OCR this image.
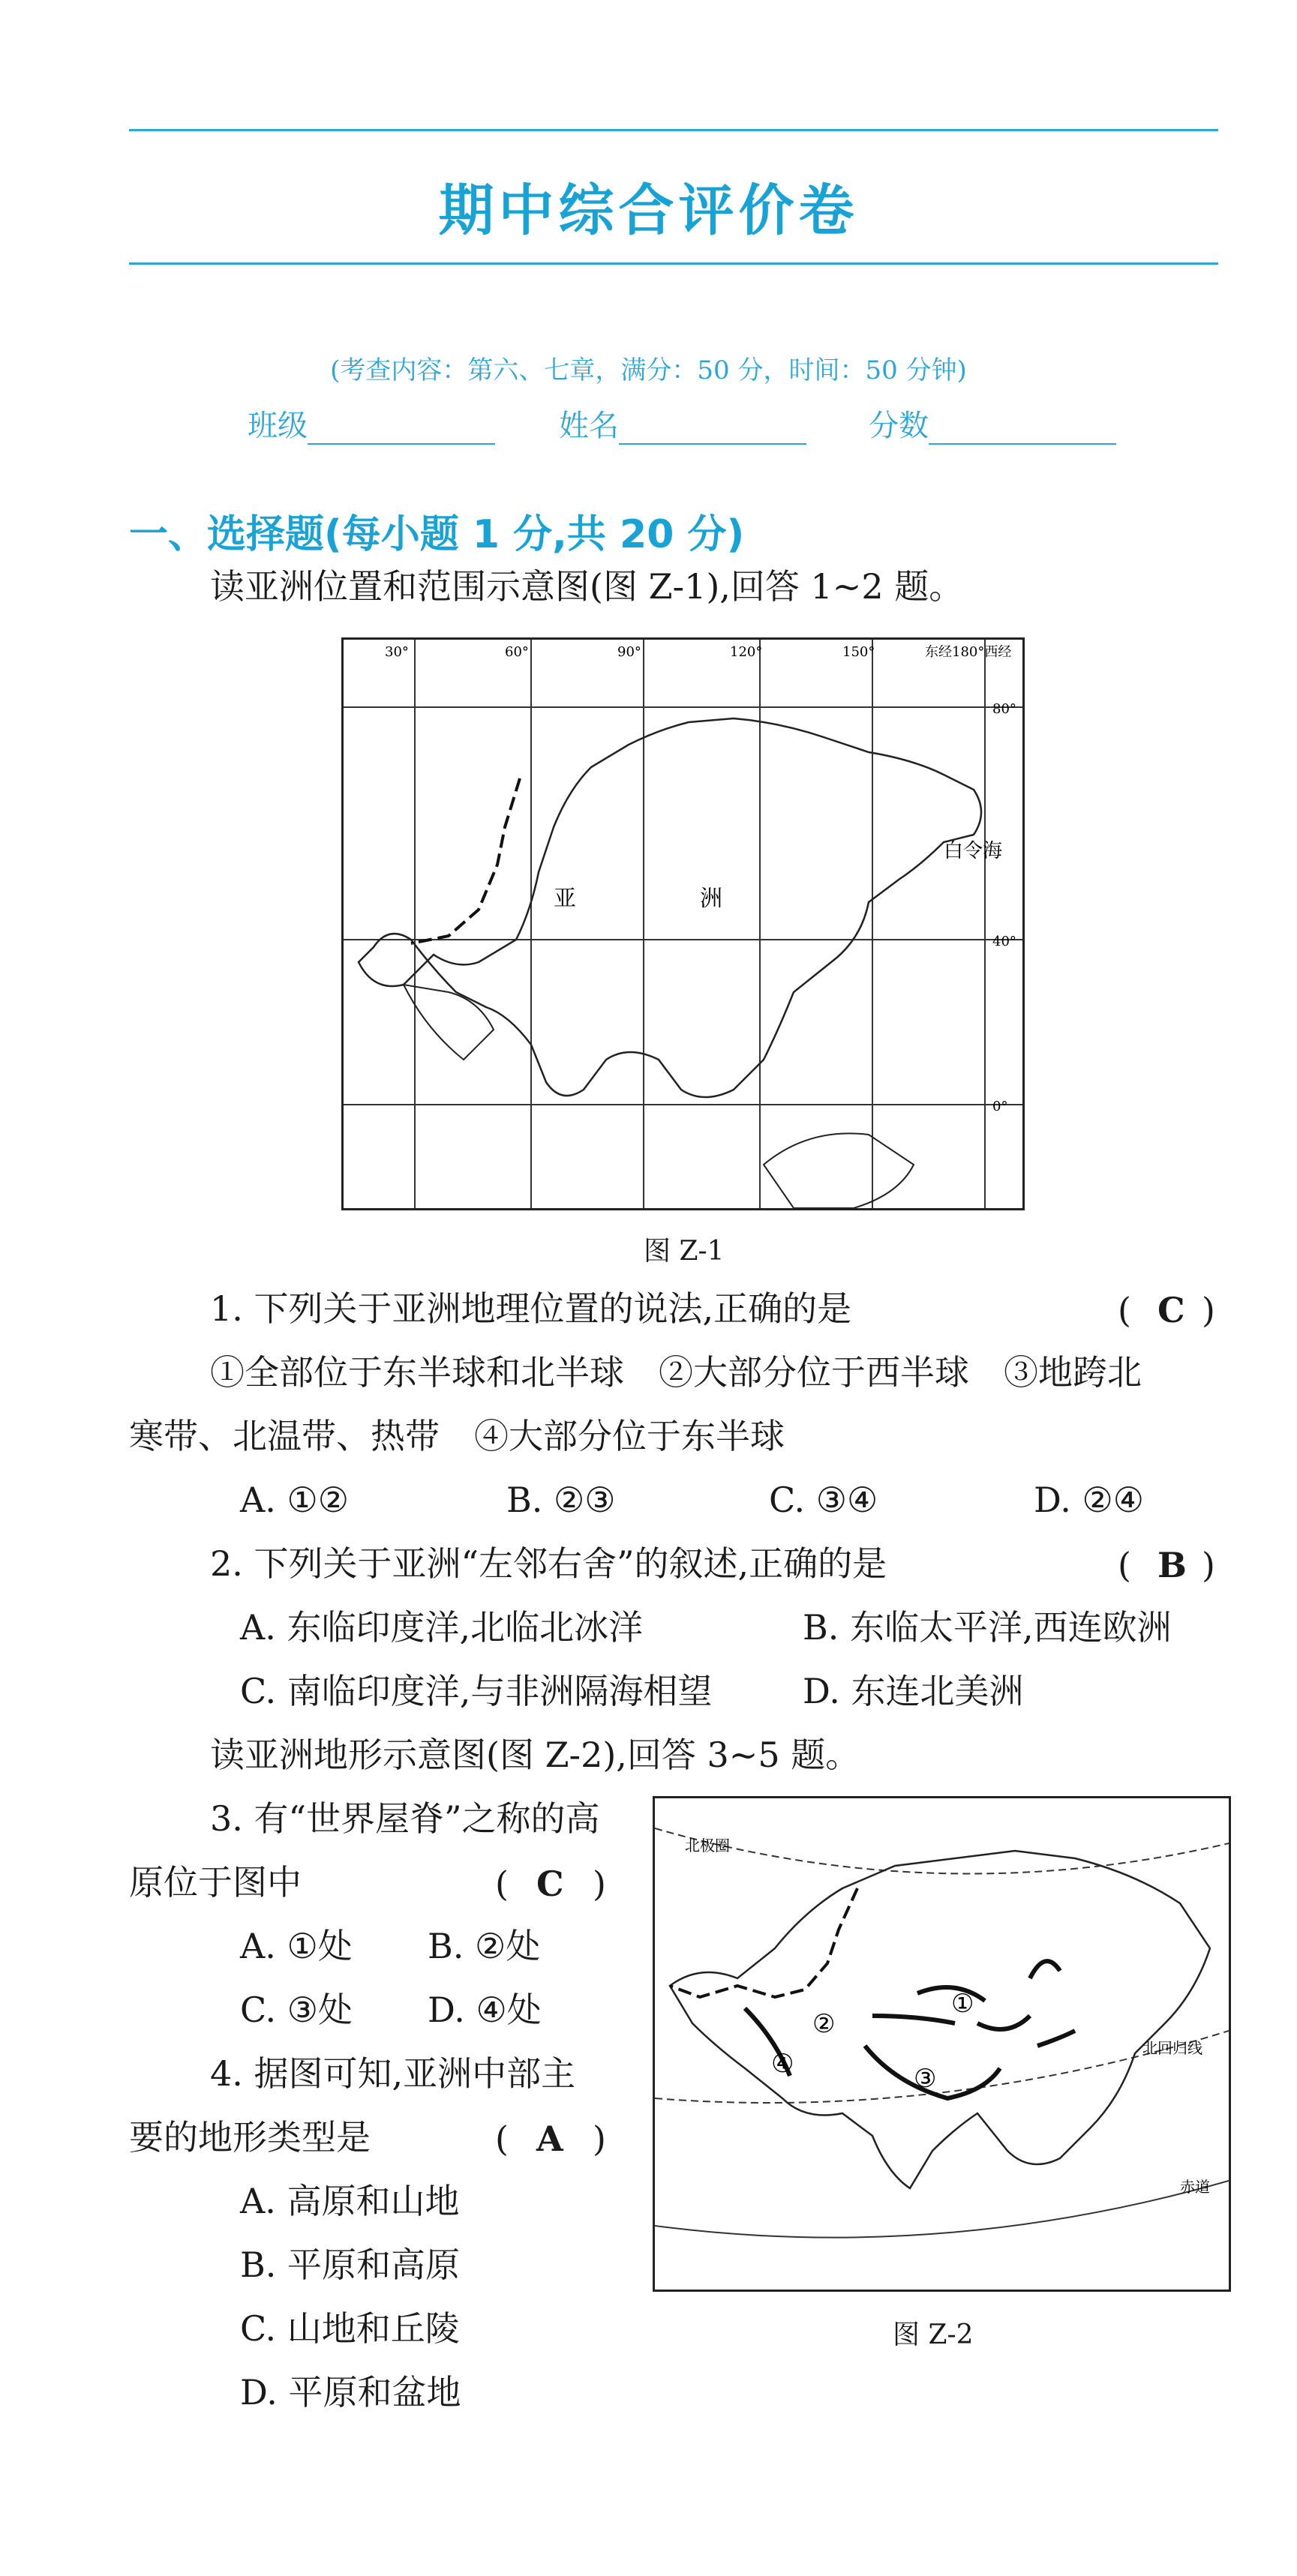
期中综合评价卷
(考查内容：第六、七章，满分：50 分，时间：50 分钟)
班级	姓名	分数
一、选择题(每小题 1 分,共 20 分)
读亚洲位置和范围示意图(图 Z-1),回答 1~2 题。
30°	60°	90°	120°	150°	东经180°西经
80°
40°
0°
亚	洲
白令海
图 Z-1
1. 下列关于亚洲地理位置的说法,正确的是	( C )
①全部位于东半球和北半球　②大部分位于西半球　③地跨北
寒带、北温带、热带　④大部分位于东半球
A. ①②	B. ②③	C. ③④	D. ②④
2. 下列关于亚洲“左邻右舍”的叙述,正确的是	( B )
A. 东临印度洋,北临北冰洋	B. 东临太平洋,西连欧洲
C. 南临印度洋,与非洲隔海相望	D. 东连北美洲
读亚洲地形示意图(图 Z-2),回答 3~5 题。
3. 有“世界屋脊”之称的高
原位于图中	( C )
A. ①处 B. ②处
C. ③处 D. ④处
4. 据图可知,亚洲中部主
要的地形类型是	( A )
A. 高原和山地
B. 平原和高原
C. 山地和丘陵
D. 平原和盆地
①
②
③
④
北极圈
北回归线
赤道
图 Z-2
